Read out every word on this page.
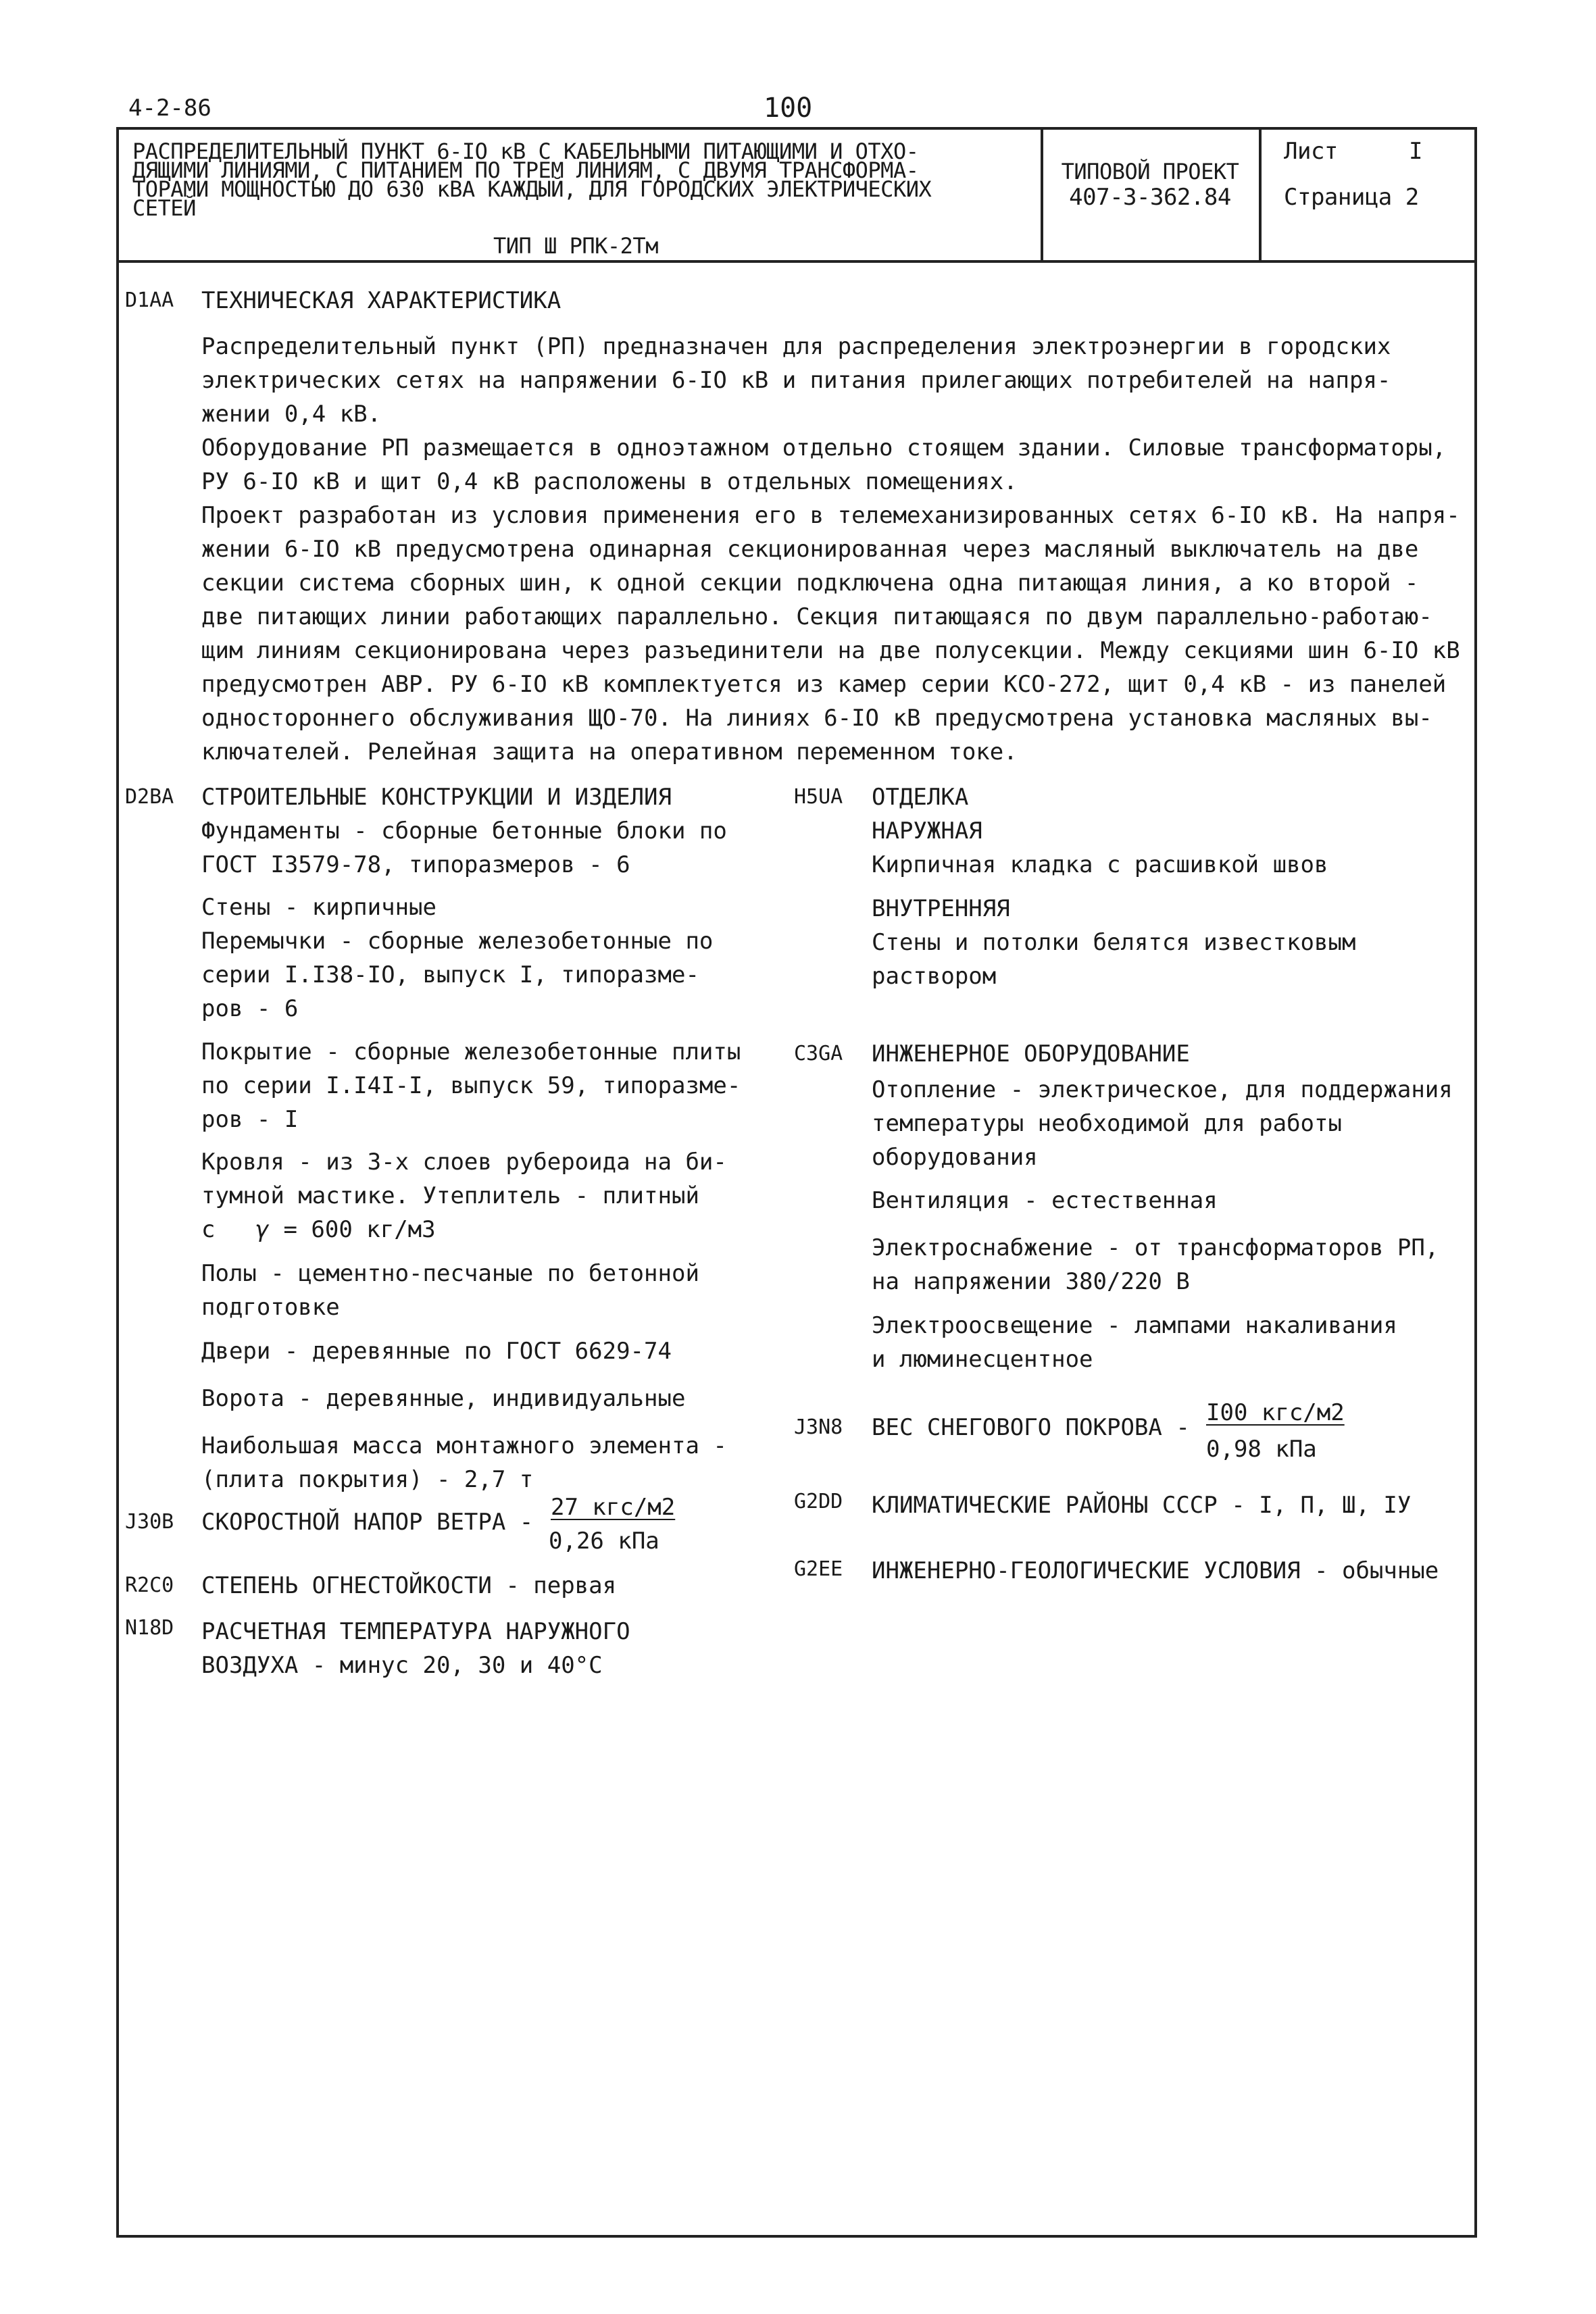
4-2-86	100
РАСПРЕДЕЛИТЕЛЬНЫЙ ПУНКТ 6-IO кВ С КАБЕЛЬНЫМИ ПИТАЮЩИМИ И ОТХО-
ДЯЩИМИ ЛИНИЯМИ, С ПИТАНИЕМ ПО ТРЕМ ЛИНИЯМ, С ДВУМЯ ТРАНСФОРМА-
ТОРАМИ МОЩНОСТЬЮ ДО 630 кВА КАЖДЫЙ, ДЛЯ ГОРОДСКИХ ЭЛЕКТРИЧЕСКИХ
СЕТЕЙ
ТИП Ш РПК-2Тм
ТИПОВОЙ ПРОЕКТ
407-3-362.84
Лист	I
Страница 2
D1AA ТЕХНИЧЕСКАЯ ХАРАКТЕРИСТИКА
Распределительный пункт (РП) предназначен для распределения электроэнергии в городских
электрических сетях на напряжении 6-IO кВ и питания прилегающих потребителей на напря-
жении 0,4 кВ.
Оборудование РП размещается в одноэтажном отдельно стоящем здании. Силовые трансформаторы,
РУ 6-IO кВ и щит 0,4 кВ расположены в отдельных помещениях.
Проект разработан из условия применения его в телемеханизированных сетях 6-IO кВ. На напря-
жении 6-IO кВ предусмотрена одинарная секционированная через масляный выключатель на две
секции система сборных шин, к одной секции подключена одна питающая линия, а ко второй -
две питающих линии работающих параллельно. Секция питающаяся по двум параллельно-работаю-
щим линиям секционирована через разъединители на две полусекции. Между секциями шин 6-IO кВ
предусмотрен АВР. РУ 6-IO кВ комплектуется из камер серии КСО-272, щит 0,4 кВ - из панелей
одностороннего обслуживания ЩО-70. На линиях 6-IO кВ предусмотрена установка масляных вы-
ключателей. Релейная защита на оперативном переменном токе.
D2BA СТРОИТЕЛЬНЫЕ КОНСТРУКЦИИ И ИЗДЕЛИЯ
Фундаменты - сборные бетонные блоки по
ГОСТ I3579-78, типоразмеров - 6
Стены - кирпичные
Перемычки - сборные железобетонные по
серии I.I38-IO, выпуск I, типоразме-
ров - 6
Покрытие - сборные железобетонные плиты
по серии I.I4I-I, выпуск 59, типоразме-
ров - I
Кровля - из 3-х слоев рубероида на би-
тумной мастике. Утеплитель - плитный
с γ = 600 кг/м3
Полы - цементно-песчаные по бетонной
подготовке
Двери - деревянные по ГОСТ 6629-74
Ворота - деревянные, индивидуальные
Наибольшая масса монтажного элемента -
(плита покрытия) - 2,7 т
J30B СКОРОСТНОЙ НАПОР ВЕТРА -
27 кгс/м2
0,26 кПа
R2C0 СТЕПЕНЬ ОГНЕСТОЙКОСТИ - первая
N18D РАСЧЕТНАЯ ТЕМПЕРАТУРА НАРУЖНОГО
ВОЗДУХА - минус 20, 30 и 40°С
H5UA ОТДЕЛКА
НАРУЖНАЯ
Кирпичная кладка с расшивкой швов
ВНУТРЕННЯЯ
Стены и потолки белятся известковым
раствором
C3GA ИНЖЕНЕРНОЕ ОБОРУДОВАНИЕ
Отопление - электрическое, для поддержания
температуры необходимой для работы
оборудования
Вентиляция - естественная
Электроснабжение - от трансформаторов РП,
на напряжении 380/220 В
Электроосвещение - лампами накаливания
и люминесцентное
J3N8 ВЕС СНЕГОВОГО ПОКРОВА -
I00 кгс/м2
0,98 кПа
G2DD КЛИМАТИЧЕСКИЕ РАЙОНЫ СССР - I, П, Ш, IУ
G2EE ИНЖЕНЕРНО-ГЕОЛОГИЧЕСКИЕ УСЛОВИЯ - обычные
